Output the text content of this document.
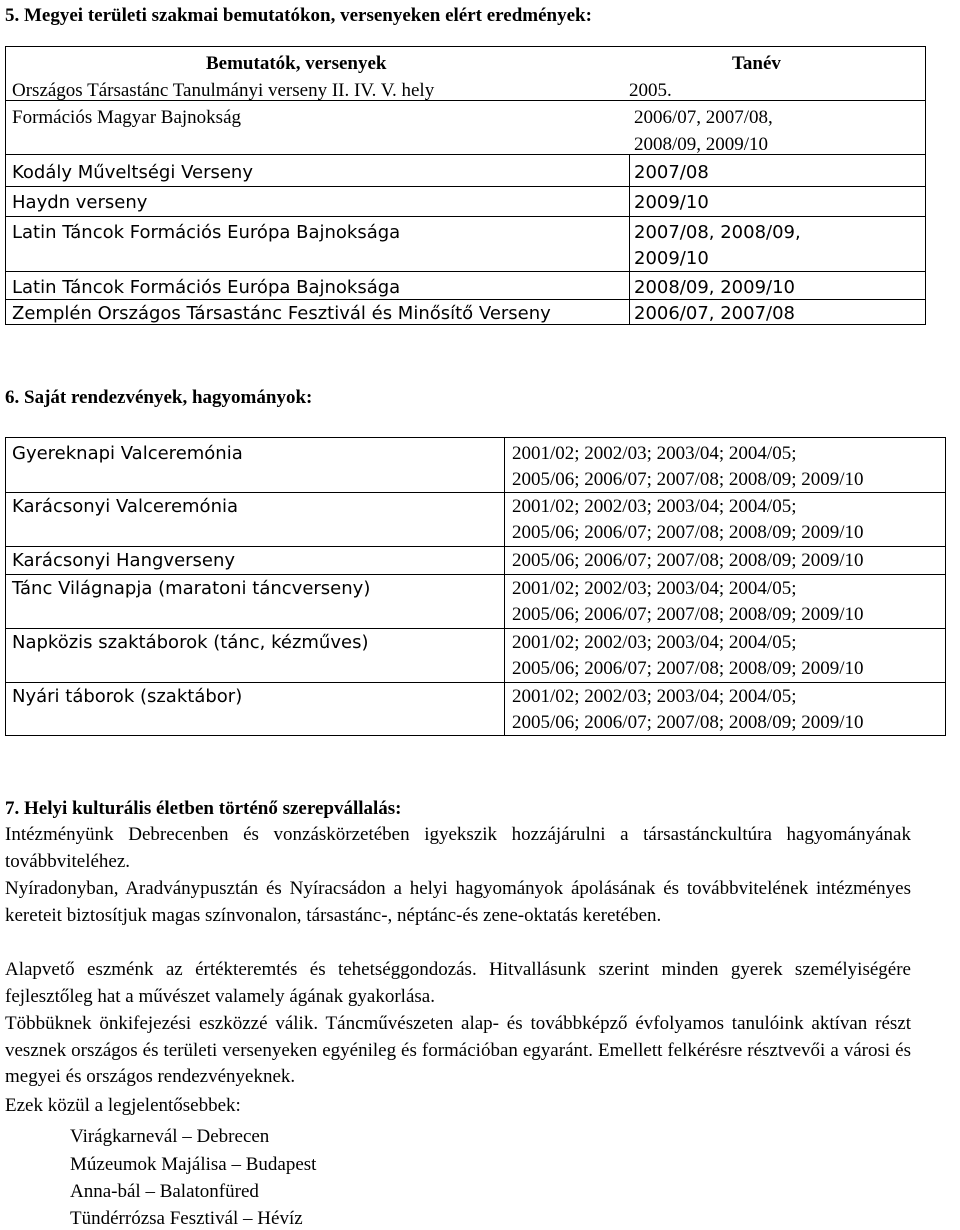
5. Megyei területi szakmai bemutatókon, versenyeken elért eredmények:
Bemutatók, versenyek	Tanév
Országos Társastánc Tanulmányi verseny II. IV. V. hely	2005.
Formációs Magyar Bajnokság	2006/07, 2007/08,
2008/09, 2009/10
Kodály Műveltségi Verseny	2007/08
Haydn verseny	2009/10
Latin Táncok Formációs Európa Bajnoksága	2007/08, 2008/09,
2009/10
Latin Táncok Formációs Európa Bajnoksága	2008/09, 2009/10
Zemplén Országos Társastánc Fesztivál és Minősítő Verseny	2006/07, 2007/08
6. Saját rendezvények, hagyományok:
Gyereknapi Valceremónia	2001/02; 2002/03; 2003/04; 2004/05;
2005/06; 2006/07; 2007/08; 2008/09; 2009/10
Karácsonyi Valceremónia	2001/02; 2002/03; 2003/04; 2004/05;
2005/06; 2006/07; 2007/08; 2008/09; 2009/10
Karácsonyi Hangverseny	2005/06; 2006/07; 2007/08; 2008/09; 2009/10
Tánc Világnapja (maratoni táncverseny)	2001/02; 2002/03; 2003/04; 2004/05;
2005/06; 2006/07; 2007/08; 2008/09; 2009/10
Napközis szaktáborok (tánc, kézműves)	2001/02; 2002/03; 2003/04; 2004/05;
2005/06; 2006/07; 2007/08; 2008/09; 2009/10
Nyári táborok (szaktábor)	2001/02; 2002/03; 2003/04; 2004/05;
2005/06; 2006/07; 2007/08; 2008/09; 2009/10
7. Helyi kulturális életben történő szerepvállalás:
Intézményünk Debrecenben és vonzáskörzetében igyekszik hozzájárulni a társastánckultúra hagyományának továbbviteléhez.
Nyíradonyban, Aradványpusztán és Nyíracsádon a helyi hagyományok ápolásának és továbbvitelének intézményes kereteit biztosítjuk magas színvonalon, társastánc-, néptánc-és zene-oktatás keretében.
Alapvető eszménk az értékteremtés és tehetséggondozás. Hitvallásunk szerint minden gyerek személyiségére fejlesztőleg hat a művészet valamely ágának gyakorlása.
Többüknek önkifejezési eszközzé válik. Táncművészeten alap- és továbbképző évfolyamos tanulóink aktívan részt vesznek országos és területi versenyeken egyénileg és formációban egyaránt. Emellett felkérésre résztvevői a városi és megyei és országos rendezvényeknek.
Ezek közül a legjelentősebbek:
Virágkarnevál – Debrecen
Múzeumok Majálisa – Budapest
Anna-bál – Balatonfüred
Tündérrózsa Fesztivál – Hévíz
